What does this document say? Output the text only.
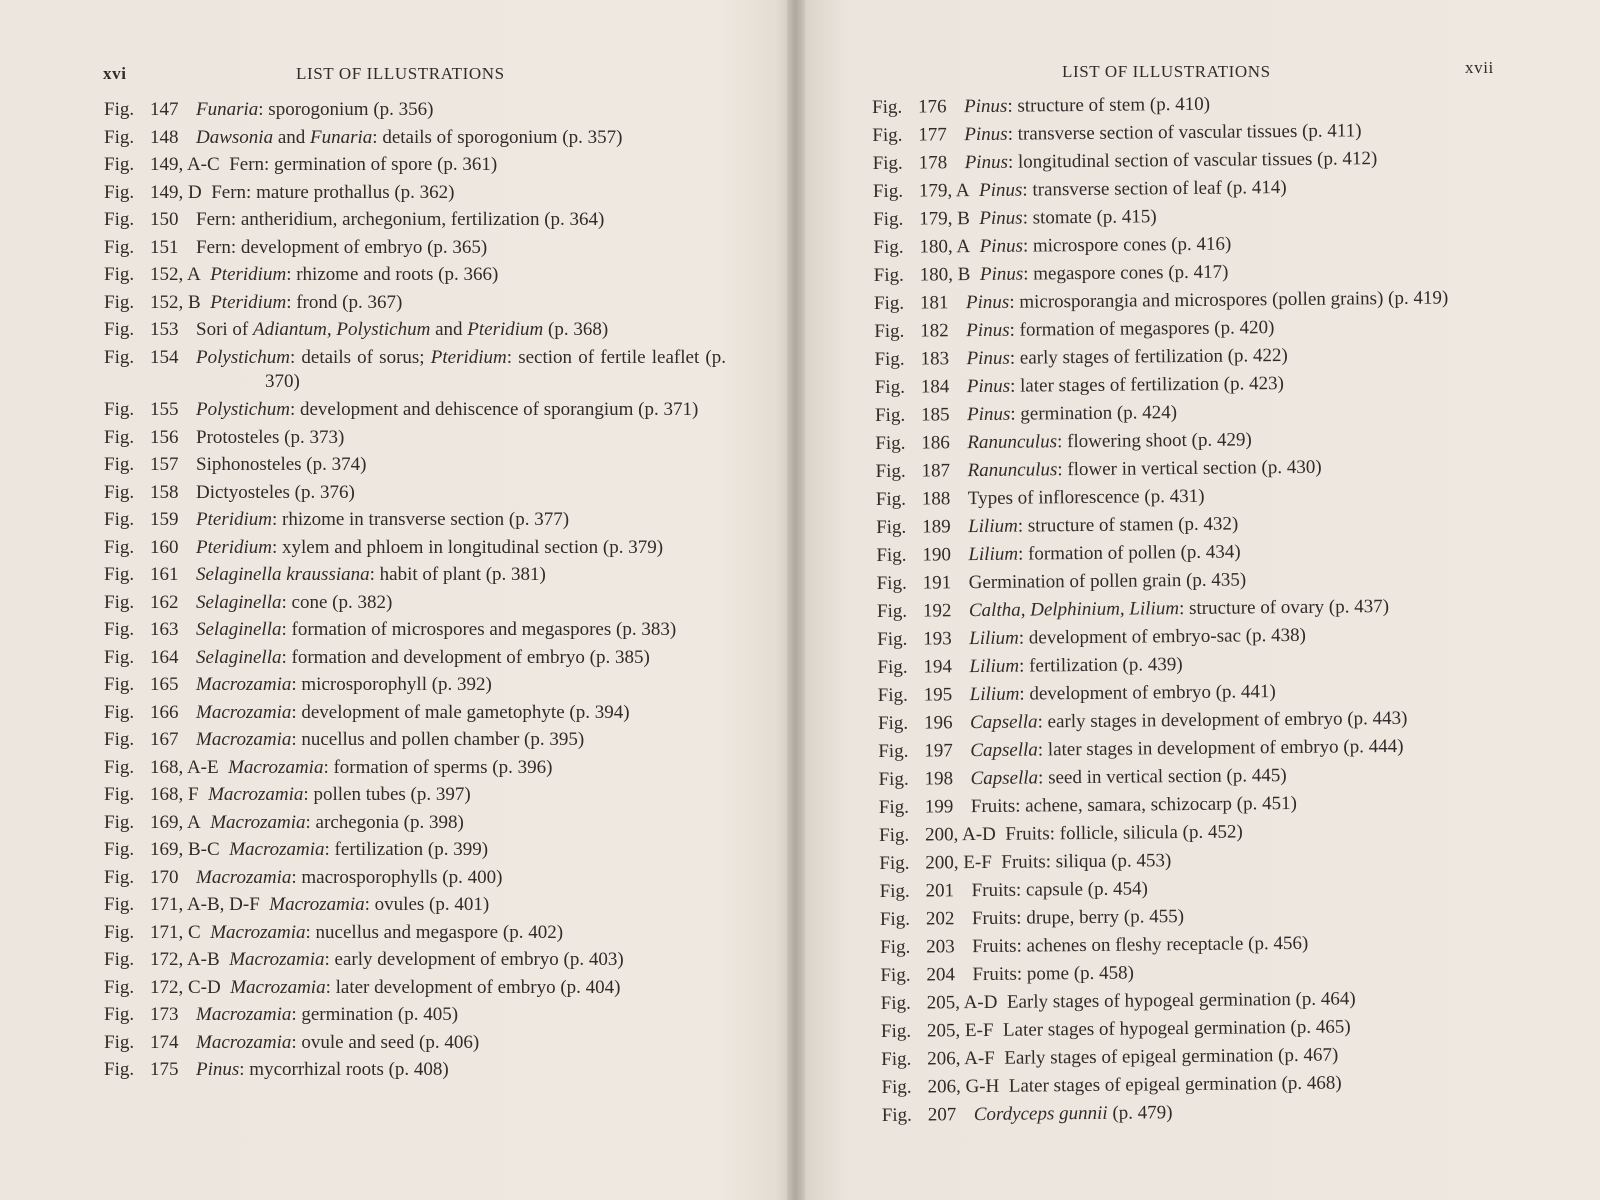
xvi	LIST OF ILLUSTRATIONS
Fig. 147
Funaria: sporogonium (p. 356)
Fig. 148
Dawsonia and Funaria: details of sporogonium (p. 357)
Fig. 149, A-C
Fern: germination of spore (p. 361)
Fig. 149, D
Fern: mature prothallus (p. 362)
Fig. 150
Fern: antheridium, archegonium, fertilization (p. 364)
Fig. 151
Fern: development of embryo (p. 365)
Fig. 152, A
Pteridium: rhizome and roots (p. 366)
Fig. 152, B
Pteridium: frond (p. 367)
Fig. 153
Sori of Adiantum, Polystichum and Pteridium (p. 368)
Fig. 154
Polystichum: details of sorus; Pteridium: section of fertile leaflet (p. 370)
Fig. 155
Polystichum: development and dehiscence of sporangium (p. 371)
Fig. 156
Protosteles (p. 373)
Fig. 157
Siphonosteles (p. 374)
Fig. 158
Dictyosteles (p. 376)
Fig. 159
Pteridium: rhizome in transverse section (p. 377)
Fig. 160
Pteridium: xylem and phloem in longitudinal section (p. 379)
Fig. 161
Selaginella kraussiana: habit of plant (p. 381)
Fig. 162
Selaginella: cone (p. 382)
Fig. 163
Selaginella: formation of microspores and megaspores (p. 383)
Fig. 164
Selaginella: formation and development of embryo (p. 385)
Fig. 165
Macrozamia: microsporophyll (p. 392)
Fig. 166
Macrozamia: development of male gametophyte (p. 394)
Fig. 167
Macrozamia: nucellus and pollen chamber (p. 395)
Fig. 168, A-E
Macrozamia: formation of sperms (p. 396)
Fig. 168, F
Macrozamia: pollen tubes (p. 397)
Fig. 169, A
Macrozamia: archegonia (p. 398)
Fig. 169, B-C
Macrozamia: fertilization (p. 399)
Fig. 170
Macrozamia: macrosporophylls (p. 400)
Fig. 171, A-B, D-F
Macrozamia: ovules (p. 401)
Fig. 171, C
Macrozamia: nucellus and megaspore (p. 402)
Fig. 172, A-B
Macrozamia: early development of embryo (p. 403)
Fig. 172, C-D
Macrozamia: later development of embryo (p. 404)
Fig. 173
Macrozamia: germination (p. 405)
Fig. 174
Macrozamia: ovule and seed (p. 406)
Fig. 175
Pinus: mycorrhizal roots (p. 408)
LIST OF ILLUSTRATIONS	xvii
Fig. 176
Pinus: structure of stem (p. 410)
Fig. 177
Pinus: transverse section of vascular tissues (p. 411)
Fig. 178
Pinus: longitudinal section of vascular tissues (p. 412)
Fig. 179, A
Pinus: transverse section of leaf (p. 414)
Fig. 179, B
Pinus: stomate (p. 415)
Fig. 180, A
Pinus: microspore cones (p. 416)
Fig. 180, B
Pinus: megaspore cones (p. 417)
Fig. 181
Pinus: microsporangia and microspores (pollen grains) (p. 419)
Fig. 182
Pinus: formation of megaspores (p. 420)
Fig. 183
Pinus: early stages of fertilization (p. 422)
Fig. 184
Pinus: later stages of fertilization (p. 423)
Fig. 185
Pinus: germination (p. 424)
Fig. 186
Ranunculus: flowering shoot (p. 429)
Fig. 187
Ranunculus: flower in vertical section (p. 430)
Fig. 188
Types of inflorescence (p. 431)
Fig. 189
Lilium: structure of stamen (p. 432)
Fig. 190
Lilium: formation of pollen (p. 434)
Fig. 191
Germination of pollen grain (p. 435)
Fig. 192
Caltha, Delphinium, Lilium: structure of ovary (p. 437)
Fig. 193
Lilium: development of embryo-sac (p. 438)
Fig. 194
Lilium: fertilization (p. 439)
Fig. 195
Lilium: development of embryo (p. 441)
Fig. 196
Capsella: early stages in development of embryo (p. 443)
Fig. 197
Capsella: later stages in development of embryo (p. 444)
Fig. 198
Capsella: seed in vertical section (p. 445)
Fig. 199
Fruits: achene, samara, schizocarp (p. 451)
Fig. 200, A-D
Fruits: follicle, silicula (p. 452)
Fig. 200, E-F
Fruits: siliqua (p. 453)
Fig. 201
Fruits: capsule (p. 454)
Fig. 202
Fruits: drupe, berry (p. 455)
Fig. 203
Fruits: achenes on fleshy receptacle (p. 456)
Fig. 204
Fruits: pome (p. 458)
Fig. 205, A-D
Early stages of hypogeal germination (p. 464)
Fig. 205, E-F
Later stages of hypogeal germination (p. 465)
Fig. 206, A-F
Early stages of epigeal germination (p. 467)
Fig. 206, G-H
Later stages of epigeal germination (p. 468)
Fig. 207
Cordyceps gunnii (p. 479)
